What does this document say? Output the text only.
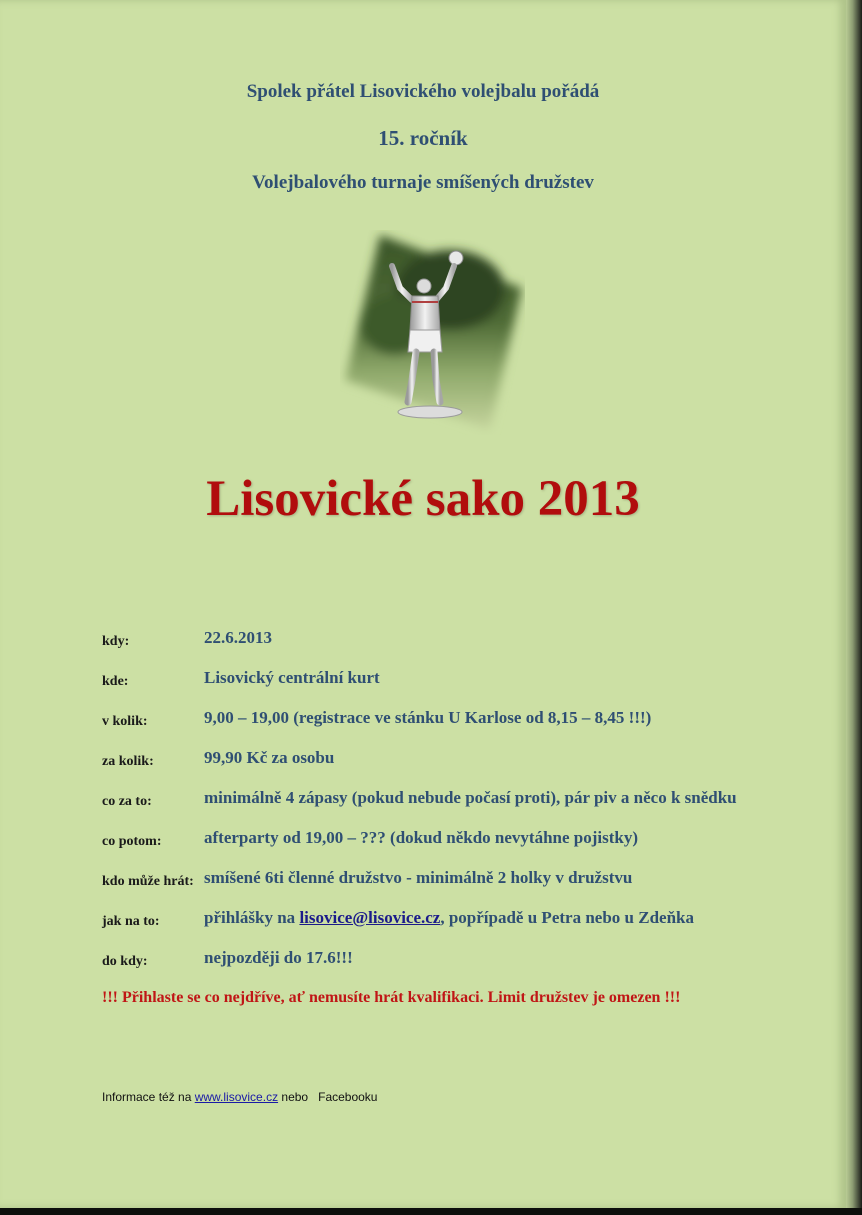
Spolek přátel Lisovického volejbalu pořádá
15. ročník
Volejbalového turnaje smíšených družstev
Lisovické sako 2013
kdy:	22.6.2013
kde:	Lisovický centrální kurt
v kolik:	9,00 – 19,00 (registrace ve stánku U Karlose od 8,15 – 8,45 !!!)
za kolik:	99,90 Kč za osobu
co za to:	minimálně 4 zápasy (pokud nebude počasí proti), pár piv a něco k snědku
co potom:	afterparty od 19,00 – ??? (dokud někdo nevytáhne pojistky)
kdo může hrát: smíšené 6ti členné družstvo - minimálně 2 holky v družstvu
jak na to:	přihlášky na lisovice@lisovice.cz, popřípadě u Petra nebo u Zdeňka
do kdy:	nejpozději do 17.6!!!
!!! Přihlaste se co nejdříve, ať nemusíte hrát kvalifikaci. Limit družstev je omezen !!!
Informace též na www.lisovice.cz nebo   Facebooku
